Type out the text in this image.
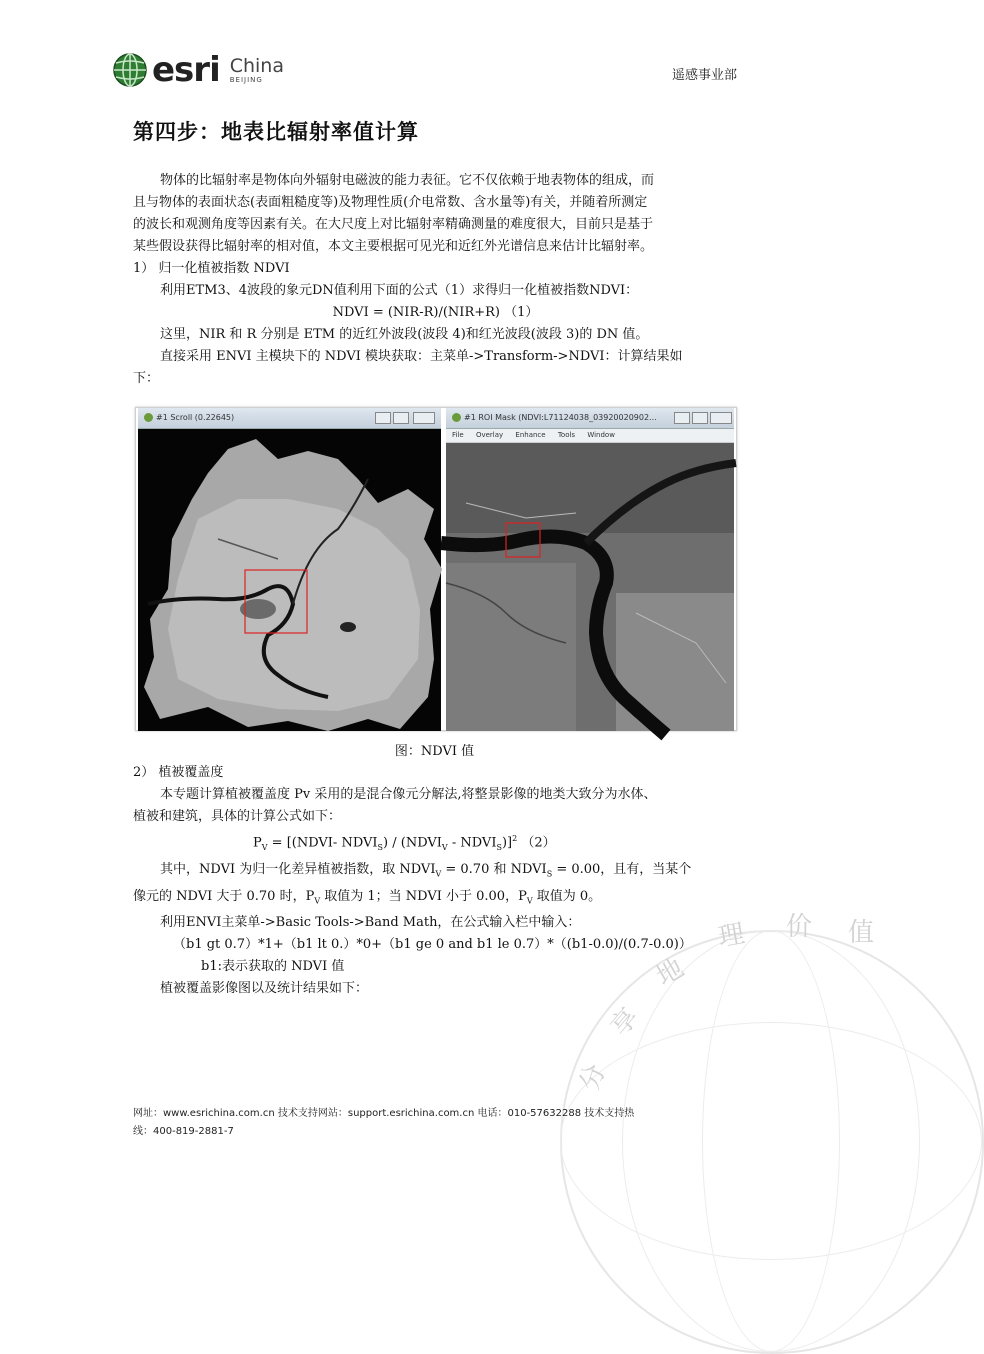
理 价 值
地
享
分
esri China
BEIJING	遥感事业部
第四步：地表比辐射率值计算
物体的比辐射率是物体向外辐射电磁波的能力表征。它不仅依赖于地表物体的组成，而
且与物体的表面状态(表面粗糙度等)及物理性质(介电常数、含水量等)有关，并随着所测定
的波长和观测角度等因素有关。在大尺度上对比辐射率精确测量的难度很大，目前只是基于
某些假设获得比辐射率的相对值，本文主要根据可见光和近红外光谱信息来估计比辐射率。
1） 归一化植被指数 NDVI
利用ETM3、4波段的象元DN值利用下面的公式（1）求得归一化植被指数NDVI：
NDVI = (NIR-R)/(NIR+R) （1）
这里，NIR 和 R 分别是 ETM 的近红外波段(波段 4)和红光波段(波段 3)的 DN 值。
直接采用 ENVI 主模块下的 NDVI 模块获取：主菜单->Transform->NDVI：计算结果如
下：
#1 Scroll (0.22645)	#1 ROI Mask (NDVI:L71124038_03920020902...
File Overlay Enhance Tools Window
图：NDVI 值
2） 植被覆盖度
本专题计算植被覆盖度 Pv 采用的是混合像元分解法,将整景影像的地类大致分为水体、
植被和建筑，具体的计算公式如下：
$P_V$ = [(NDVI- $NDVI_S$) / ($NDVI_V$ - $NDVI_S)]^2$ （2）
其中，NDVI 为归一化差异植被指数，取 $NDVI_V = 0.70$ 和 $NDVI_S = 0.00$，且有，当某个
像元的 NDVI 大于 0.70 时，$P_V$ 取值为 1；当 NDVI 小于 0.00，$P_V$ 取值为 0。
利用ENVI主菜单->Basic Tools->Band Math，在公式输入栏中输入：
（b1 gt 0.7）*1+（b1 lt 0.）*0+（b1 ge 0 and b1 le 0.7）*（(b1-0.0)/(0.7-0.0)）
b1:表示获取的 NDVI 值
植被覆盖影像图以及统计结果如下：
网址：www.esrichina.com.cn 技术支持网站：support.esrichina.com.cn 电话：010-57632288 技术支持热
线：400-819-2881-7
